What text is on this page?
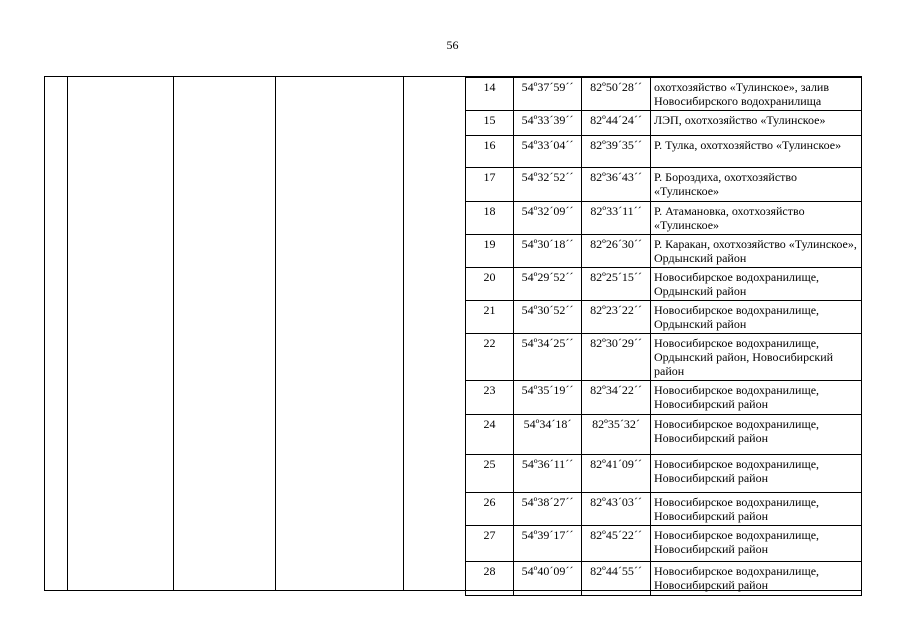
56
14	54º37´59´´	82º50´28´´	охотхозяйство «Тулинское», залив Новосибирского водохранилища
15	54º33´39´´	82º44´24´´	ЛЭП, охотхозяйство «Тулинское»
16	54º33´04´´	82º39´35´´	Р. Тулка, охотхозяйство «Тулинское»
17	54º32´52´´	82º36´43´´	Р. Бороздиха, охотхозяйство «Тулинское»
18	54º32´09´´	82º33´11´´	Р. Атамановка, охотхозяйство «Тулинское»
19	54º30´18´´	82º26´30´´	Р. Каракан, охотхозяйство «Тулинское», Ордынский район
20	54º29´52´´	82º25´15´´	Новосибирское водохранилище, Ордынский район
21	54º30´52´´	82º23´22´´	Новосибирское водохранилище, Ордынский район
22	54º34´25´´	82º30´29´´	Новосибирское водохранилище, Ордынский район, Новосибирский район
23	54º35´19´´	82º34´22´´	Новосибирское водохранилище, Новосибирский район
24	54º34´18´	82º35´32´	Новосибирское водохранилище, Новосибирский район
25	54º36´11´´	82º41´09´´	Новосибирское водохранилище, Новосибирский район
26	54º38´27´´	82º43´03´´	Новосибирское водохранилище, Новосибирский район
27	54º39´17´´	82º45´22´´	Новосибирское водохранилище, Новосибирский район
28	54º40´09´´	82º44´55´´	Новосибирское водохранилище, Новосибирский район
